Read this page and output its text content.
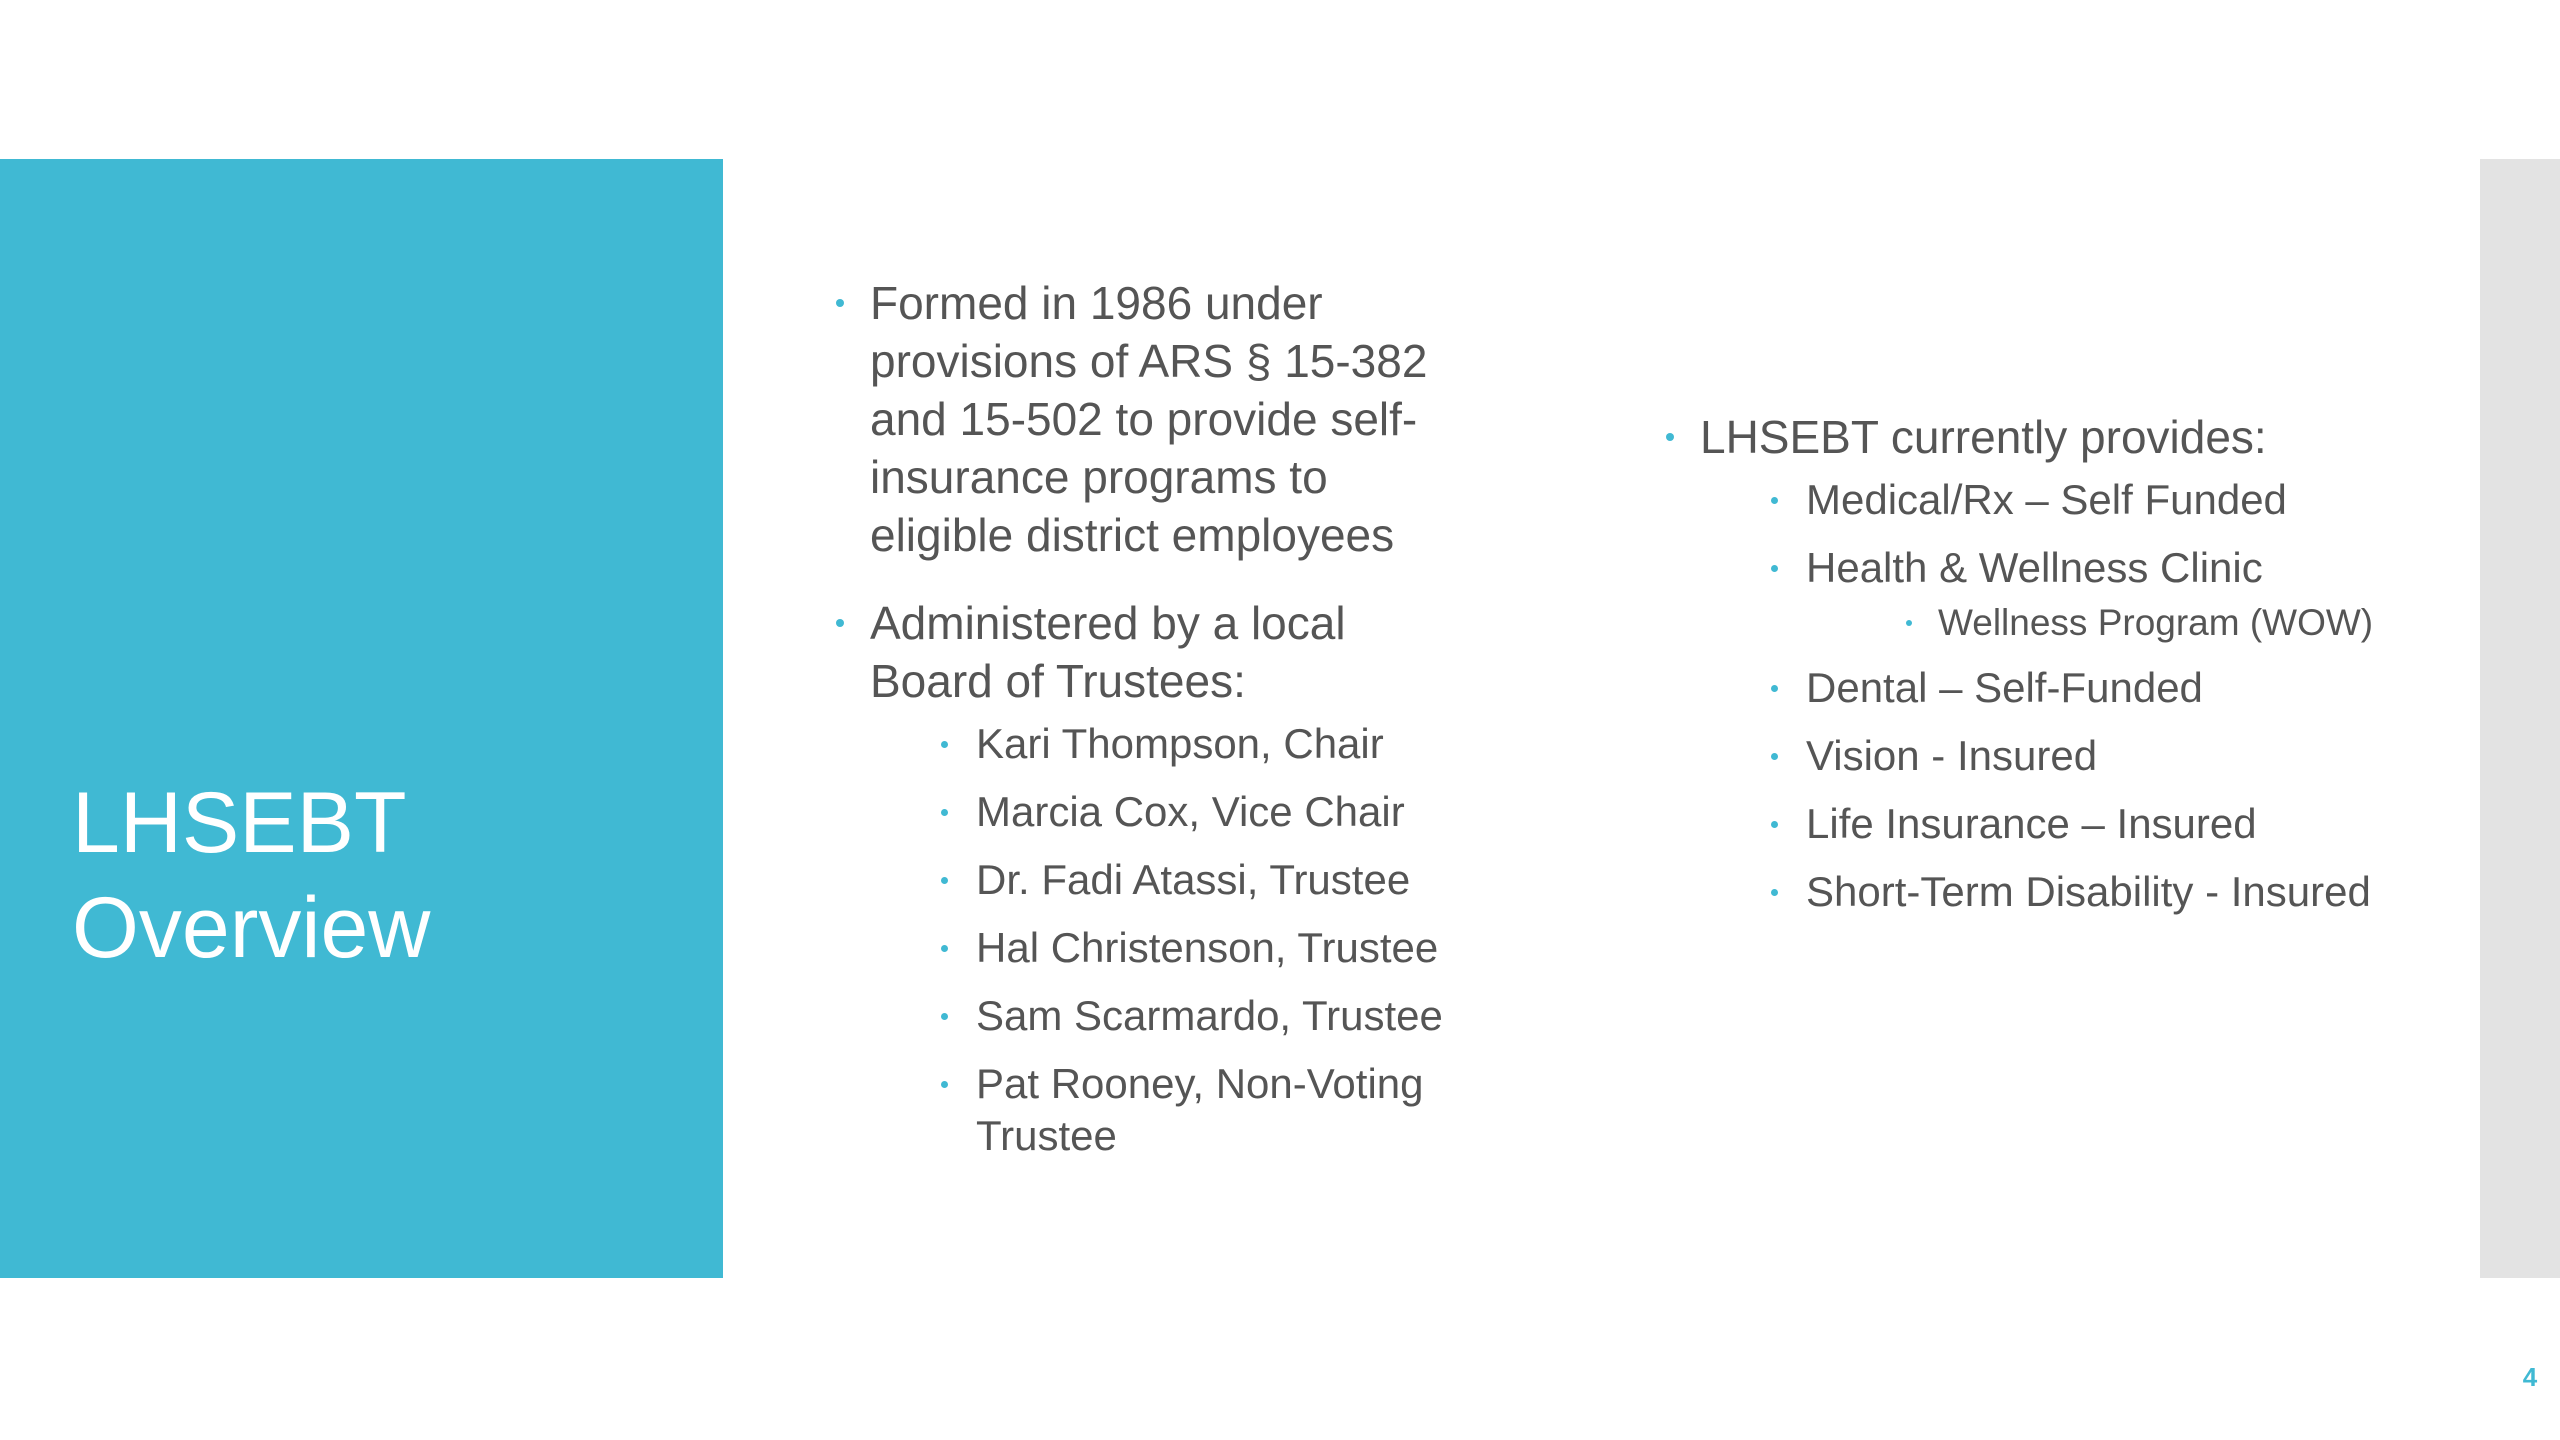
LHSEBT
Overview
Formed in 1986 under provisions of ARS § 15-382 and 15-502 to provide self-insurance programs to eligible district employees
Administered by a local Board of Trustees:
Kari Thompson, Chair
Marcia Cox, Vice Chair
Dr. Fadi Atassi, Trustee
Hal Christenson, Trustee
Sam Scarmardo, Trustee
Pat Rooney, Non-Voting Trustee
LHSEBT currently provides:
Medical/Rx – Self Funded
Health & Wellness Clinic
Wellness Program (WOW)
Dental – Self-Funded
Vision - Insured
Life Insurance – Insured
Short-Term Disability - Insured
4
